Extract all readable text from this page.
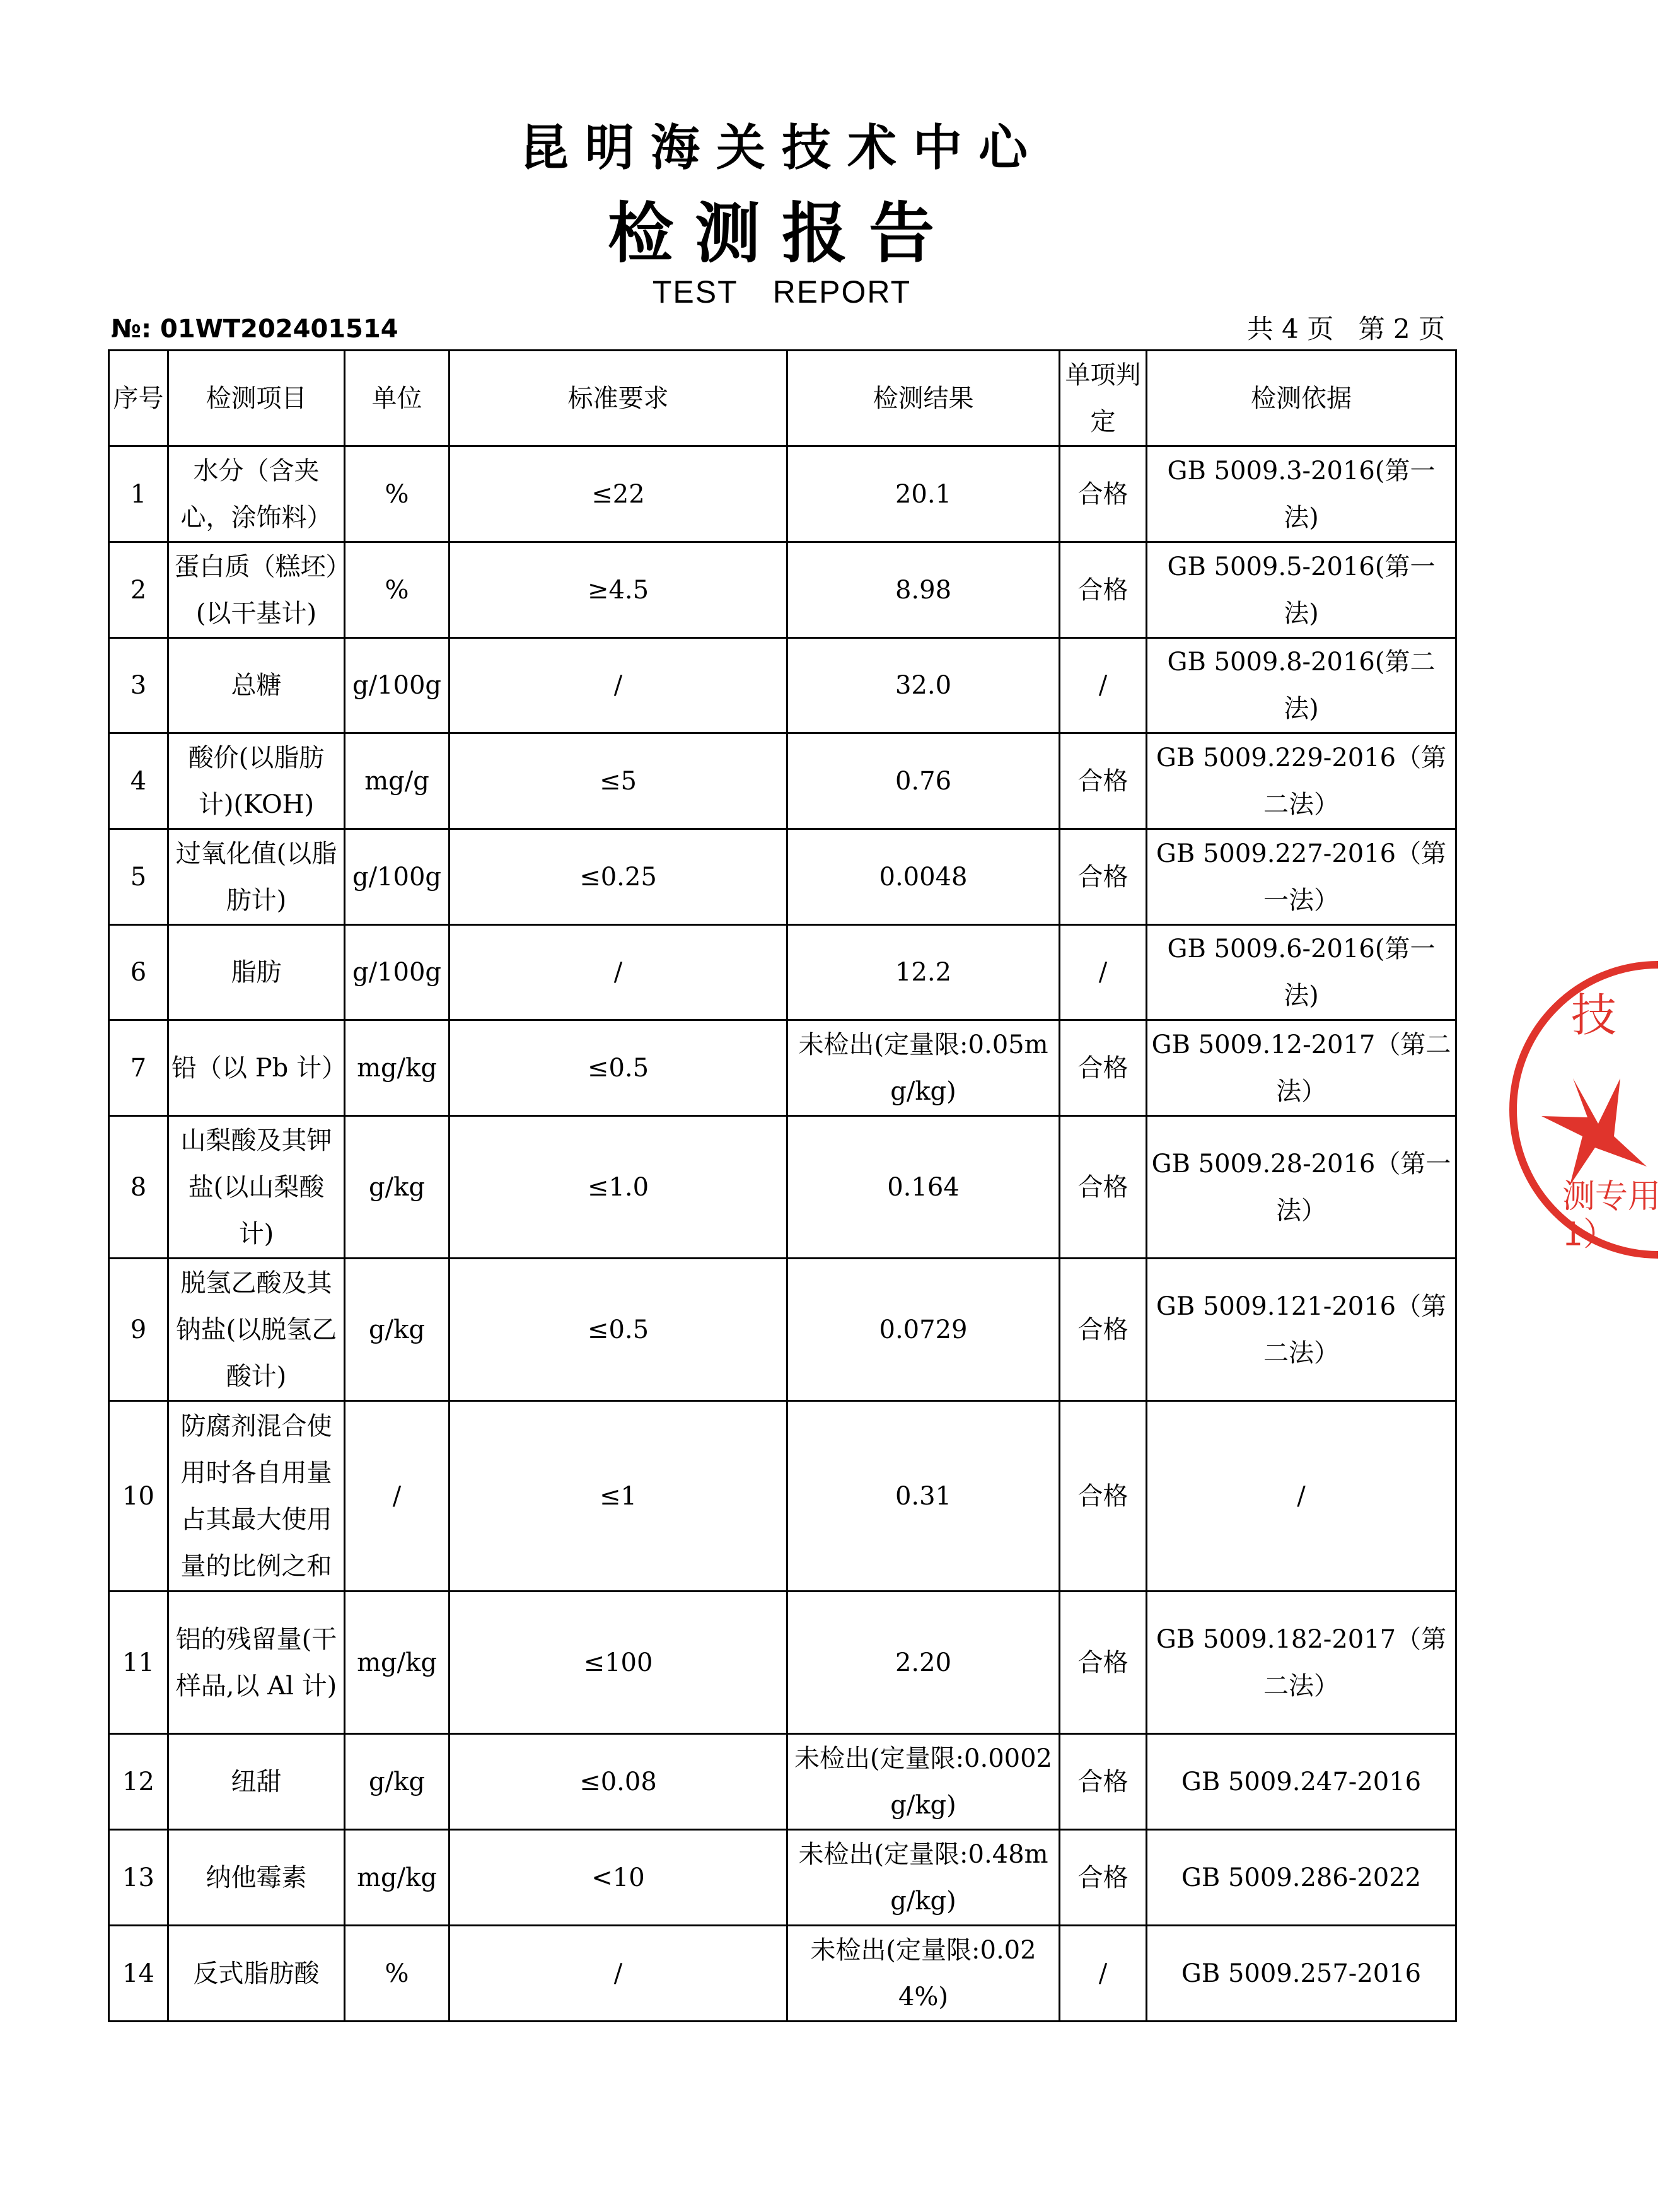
昆明海关技术中心
检测报告
TEST REPORT
№: 01WT202401514	共 4 页 第 2 页
序号	检测项目	单位	标准要求	检测结果	单项判定	检测依据
1	水分（含夹心，涂饰料）	%	≤22	20.1	合格	GB 5009.3-2016(第一法)
2	蛋白质（糕坯）(以干基计)	%	≥4.5	8.98	合格	GB 5009.5-2016(第一法)
3	总糖	g/100g	/	32.0	/	GB 5009.8-2016(第二法)
4	酸价(以脂肪计)(KOH)	mg/g	≤5	0.76	合格	GB 5009.229-2016（第二法）
5	过氧化值(以脂肪计)	g/100g	≤0.25	0.0048	合格	GB 5009.227-2016（第一法）
6	脂肪	g/100g	/	12.2	/	GB 5009.6-2016(第一法)
7	铅（以 Pb 计）	mg/kg	≤0.5	未检出(定量限:0.05mg/kg)	合格	GB 5009.12-2017（第二法）
8	山梨酸及其钾盐(以山梨酸计)	g/kg	≤1.0	0.164	合格	GB 5009.28-2016（第一法）
9	脱氢乙酸及其钠盐(以脱氢乙酸计)	g/kg	≤0.5	0.0729	合格	GB 5009.121-2016（第二法）
10	防腐剂混合使用时各自用量占其最大使用量的比例之和	/	≤1	0.31	合格	/
11	铝的残留量(干样品,以 Al 计)	mg/kg	≤100	2.20	合格	GB 5009.182-2017（第二法）
12	纽甜	g/kg	≤0.08	未检出(定量限:0.0002g/kg)	合格	GB 5009.247-2016
13	纳他霉素	mg/kg	<10	未检出(定量限:0.48mg/kg)	合格	GB 5009.286-2022
14	反式脂肪酸	%	/	未检出(定量限:0.024%)	/	GB 5009.257-2016
技
测专用
1）
